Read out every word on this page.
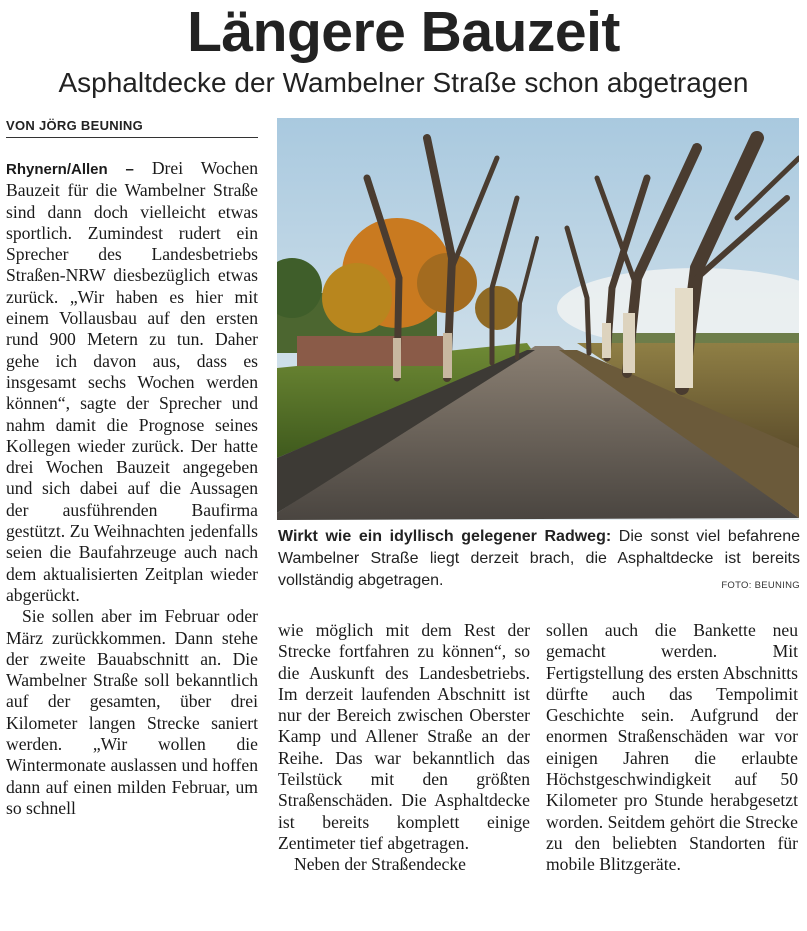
Längere Bauzeit
Asphaltdecke der Wambelner Straße schon abgetragen
VON JÖRG BEUNING

Rhynern/Allen – Drei Wochen Bauzeit für die Wambelner Straße sind dann doch vielleicht etwas sportlich. Zumindest rudert ein Sprecher des Landesbetriebs Straßen-NRW diesbezüglich etwas zurück. „Wir haben es hier mit einem Vollausbau auf den ersten rund 900 Metern zu tun. Daher gehe ich davon aus, dass es insgesamt sechs Wochen werden können“, sagte der Sprecher und nahm damit die Prognose seines Kollegen wieder zurück. Der hatte drei Wochen Bauzeit angegeben und sich dabei auf die Aussagen der ausführenden Baufirma gestützt. Zu Weihnachten jedenfalls seien die Baufahrzeuge auch nach dem aktualisierten Zeitplan wieder abgerückt.

Sie sollen aber im Februar oder März zurückkommen. Dann stehe der zweite Bauabschnitt an. Die Wambelner Straße soll bekanntlich auf der gesamten, über drei Kilometer langen Strecke saniert werden. „Wir wollen die Wintermonate auslassen und hoffen dann auf einen milden Februar, um so schnell

Wirkt wie ein idyllisch gelegener Radweg: Die sonst viel befahrene Wambelner Straße liegt derzeit brach, die Asphaltdecke ist bereits vollständig abgetragen.	FOTO: BEUNING

wie möglich mit dem Rest der Strecke fortfahren zu können“, so die Auskunft des Landesbetriebs. Im derzeit laufenden Abschnitt ist nur der Bereich zwischen Oberster Kamp und Allener Straße an der Reihe. Das war bekanntlich das Teilstück mit den größten Straßenschäden. Die Asphaltdecke ist bereits komplett einige Zentimeter tief abgetragen.

Neben der Straßendecke

sollen auch die Bankette neu gemacht werden. Mit Fertigstellung des ersten Abschnitts dürfte auch das Tempolimit Geschichte sein. Aufgrund der enormen Straßenschäden war vor einigen Jahren die erlaubte Höchstgeschwindigkeit auf 50 Kilometer pro Stunde herabgesetzt worden. Seitdem gehört die Strecke zu den beliebten Standorten für mobile Blitzgeräte.
